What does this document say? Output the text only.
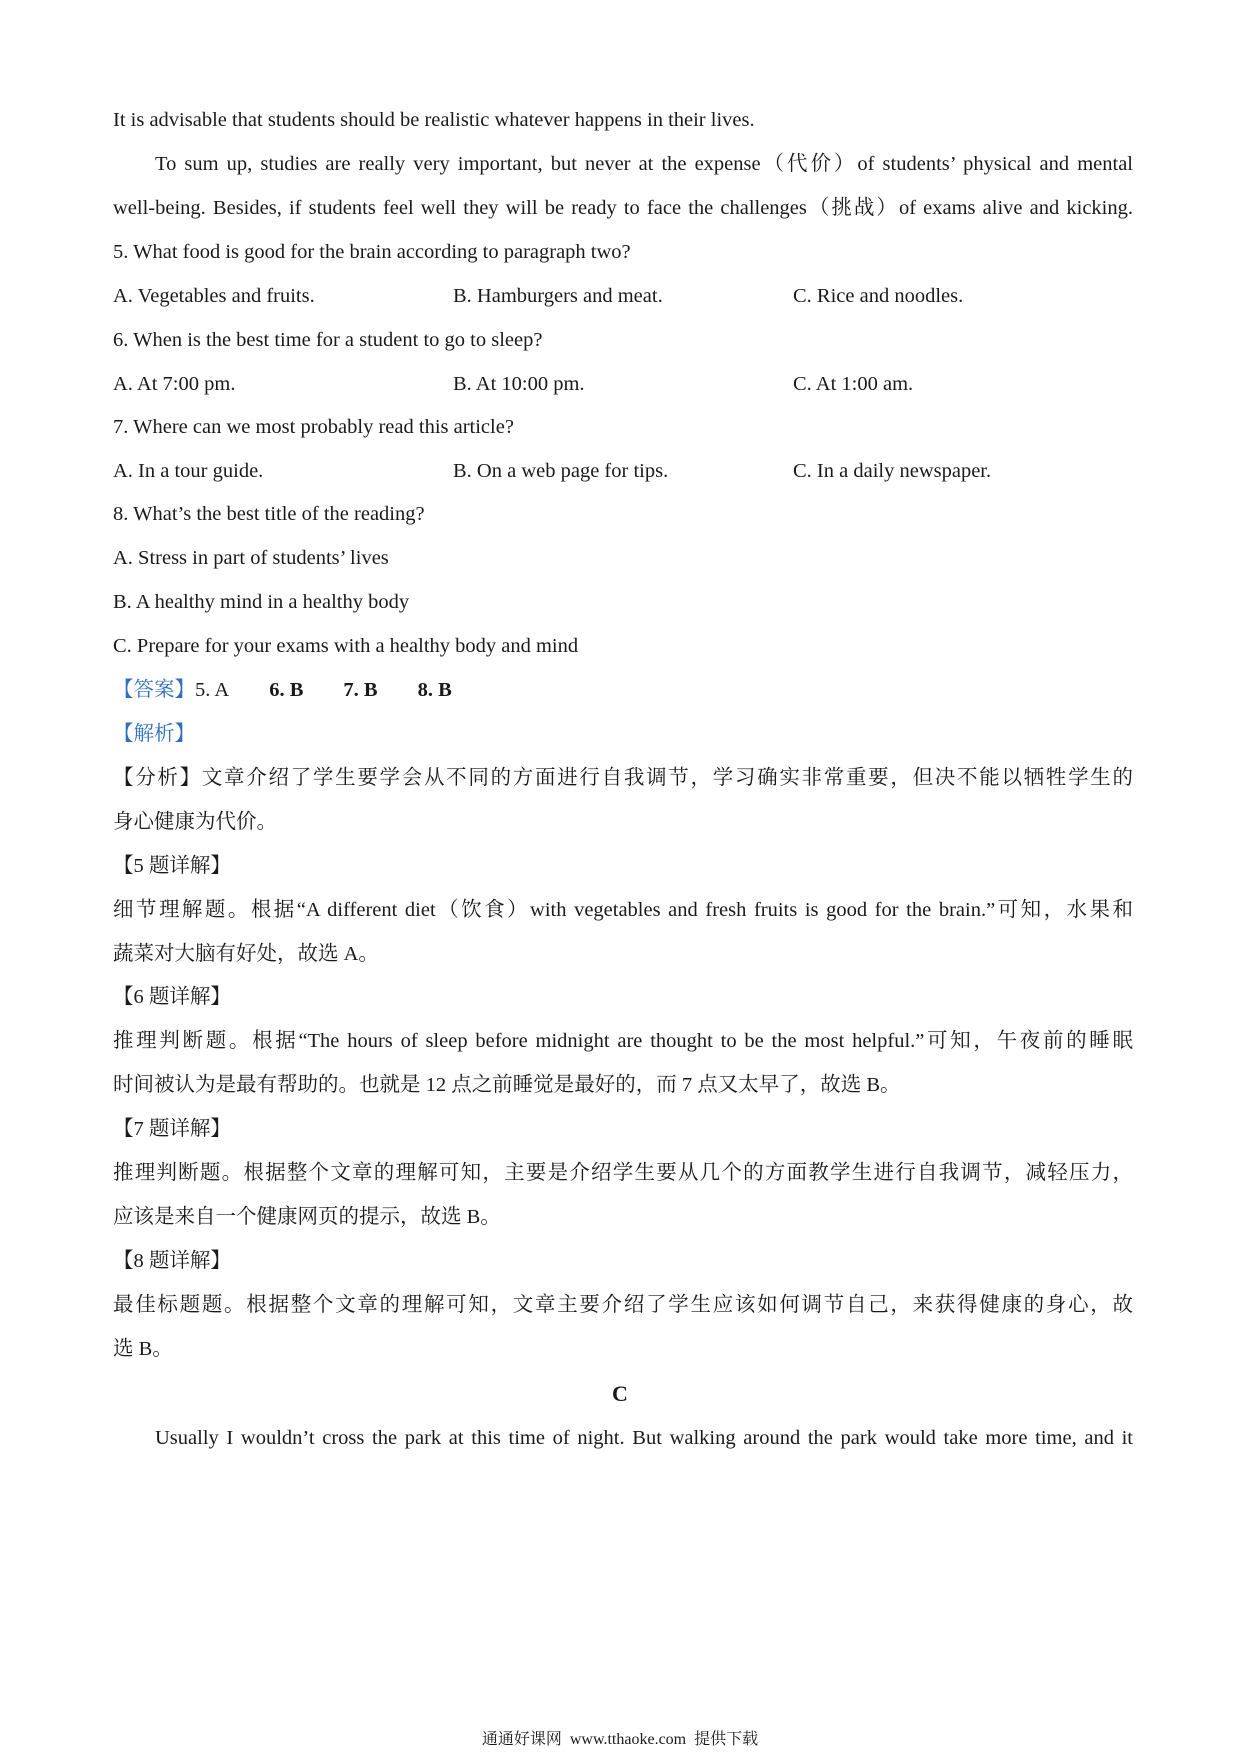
It is advisable that students should be realistic whatever happens in their lives.
To sum up, studies are really very important, but never at the expense（代价）of students’ physical and mental
well-being. Besides, if students feel well they will be ready to face the challenges（挑战）of exams alive and kicking.
5. What food is good for the brain according to paragraph two?
A. Vegetables and fruits.	B. Hamburgers and meat.	C. Rice and noodles.
6. When is the best time for a student to go to sleep?
A. At 7:00 pm.	B. At 10:00 pm.	C. At 1:00 am.
7. Where can we most probably read this article?
A. In a tour guide.	B. On a web page for tips.	C. In a daily newspaper.
8. What’s the best title of the reading?
A. Stress in part of students’ lives
B. A healthy mind in a healthy body
C. Prepare for your exams with a healthy body and mind
【答案】5. A 6. B 7. B 8. B
【解析】
【分析】文章介绍了学生要学会从不同的方面进行自我调节，学习确实非常重要，但决不能以牺牲学生的
身心健康为代价。
【5 题详解】
细节理解题。根据“A different diet（饮食）with vegetables and fresh fruits is good for the brain.”可知，水果和
蔬菜对大脑有好处，故选 A。
【6 题详解】
推理判断题。根据“The hours of sleep before midnight are thought to be the most helpful.”可知，午夜前的睡眠
时间被认为是最有帮助的。也就是 12 点之前睡觉是最好的，而 7 点又太早了，故选 B。
【7 题详解】
推理判断题。根据整个文章的理解可知，主要是介绍学生要从几个的方面教学生进行自我调节，减轻压力，
应该是来自一个健康网页的提示，故选 B。
【8 题详解】
最佳标题题。根据整个文章的理解可知，文章主要介绍了学生应该如何调节自己，来获得健康的身心，故
选 B。
C
Usually I wouldn’t cross the park at this time of night. But walking around the park would take more time, and it
通通好课网  www.tthaoke.com  提供下载
